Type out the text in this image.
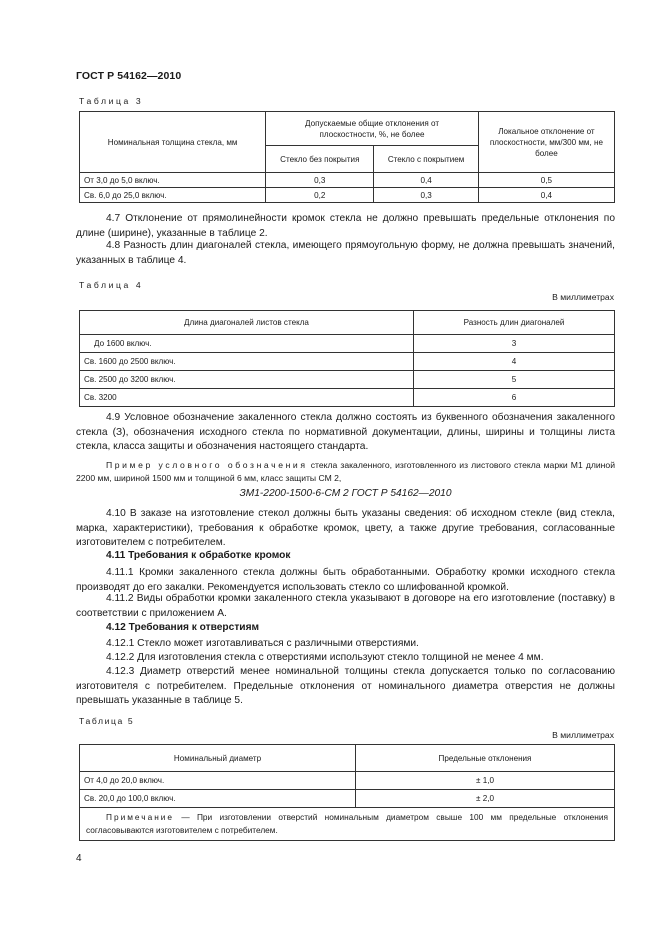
ГОСТ Р 54162—2010
Таблица 3
Номинальная толщина стекла, мм	Допускаемые общие отклонения от плоскостности, %, не более		Локальное отклонение от плоскостности, мм/300 мм, не более
	Стекло без покрытия	Стекло с покрытием	
От 3,0 до 5,0 включ.	0,3	0,4	0,5
Св. 6,0 до 25,0 включ.	0,2	0,3	0,4
4.7 Отклонение от прямолинейности кромок стекла не должно превышать предельные отклонения по длине (ширине), указанные в таблице 2.
4.8 Разность длин диагоналей стекла, имеющего прямоугольную форму, не должна превышать значений, указанных в таблице 4.
Таблица 4
В миллиметрах
Длина диагоналей листов стекла	Разность длин диагоналей
До 1600 включ.	3
Св. 1600 до 2500 включ.	4
Св. 2500 до 3200 включ.	5
Св. 3200	6
4.9 Условное обозначение закаленного стекла должно состоять из буквенного обозначения закаленного стекла (З), обозначения исходного стекла по нормативной документации, длины, ширины и толщины листа стекла, класса защиты и обозначения настоящего стандарта.
Пример условного обозначения стекла закаленного, изготовленного из листового стекла марки М1 длиной 2200 мм, шириной 1500 мм и толщиной 6 мм, класс защиты СМ 2,
ЗМ1-2200-1500-6-СМ 2 ГОСТ Р 54162—2010
4.10 В заказе на изготовление стекол должны быть указаны сведения: об исходном стекле (вид стекла, марка, характеристики), требования к обработке кромок, цвету, а также другие требования, согласованные изготовителем с потребителем.
4.11 Требования к обработке кромок
4.11.1 Кромки закаленного стекла должны быть обработанными. Обработку кромки исходного стекла производят до его закалки. Рекомендуется использовать стекло со шлифованной кромкой.
4.11.2 Виды обработки кромки закаленного стекла указывают в договоре на его изготовление (поставку) в соответствии с приложением А.
4.12 Требования к отверстиям
4.12.1 Стекло может изготавливаться с различными отверстиями.
4.12.2 Для изготовления стекла с отверстиями используют стекло толщиной не менее 4 мм.
4.12.3 Диаметр отверстий менее номинальной толщины стекла допускается только по согласованию изготовителя с потребителем. Предельные отклонения от номинального диаметра отверстия не должны превышать указанные в таблице 5.
Таблица 5
В миллиметрах
Номинальный диаметр	Предельные отклонения
От 4,0 до 20,0 включ.	± 1,0
Св. 20,0 до 100,0 включ.	± 2,0
Примечание — При изготовлении отверстий номинальным диаметром свыше 100 мм предельные отклонения согласовываются изготовителем с потребителем.	
4
